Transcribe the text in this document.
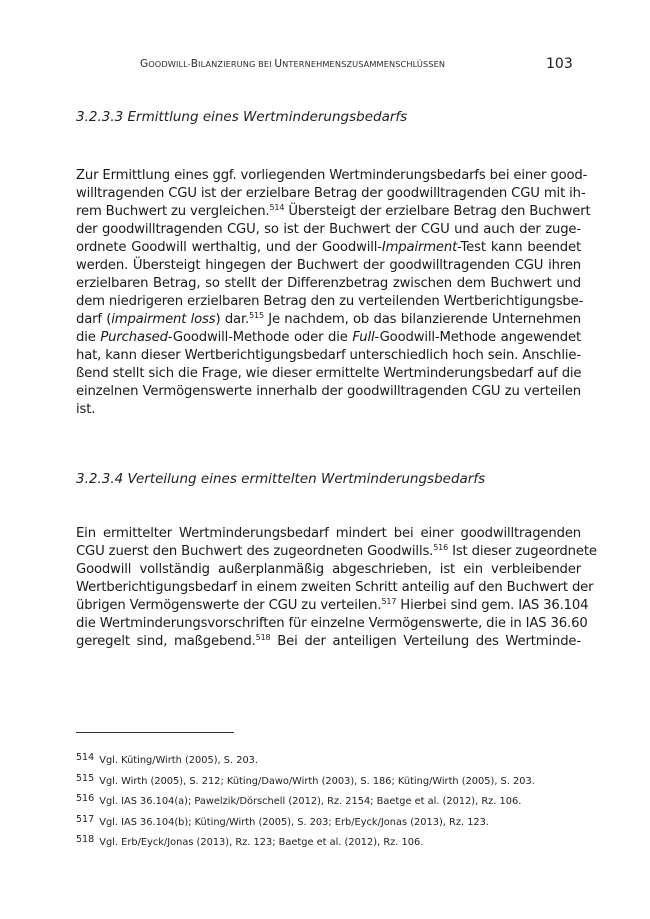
GOODWILL-BILANZIERUNG BEI UNTERNEHMENSZUSAMMENSCHLÜSSEN	103
3.2.3.3 Ermittlung eines Wertminderungsbedarfs
Zur Ermittlung eines ggf. vorliegenden Wertminderungsbedarfs bei einer good-
willtragenden CGU ist der erzielbare Betrag der goodwilltragenden CGU mit ih-
rem Buchwert zu vergleichen.$^{514}$ Übersteigt der erzielbare Betrag den Buchwert
der goodwilltragenden CGU, so ist der Buchwert der CGU und auch der zuge-
ordnete Goodwill werthaltig, und der Goodwill-Impairment-Test kann beendet
werden. Übersteigt hingegen der Buchwert der goodwilltragenden CGU ihren
erzielbaren Betrag, so stellt der Differenzbetrag zwischen dem Buchwert und
dem niedrigeren erzielbaren Betrag den zu verteilenden Wertberichtigungsbe-
darf (impairment loss) dar.$^{515}$ Je nachdem, ob das bilanzierende Unternehmen
die Purchased-Goodwill-Methode oder die Full-Goodwill-Methode angewendet
hat, kann dieser Wertberichtigungsbedarf unterschiedlich hoch sein. Anschlie-
ßend stellt sich die Frage, wie dieser ermittelte Wertminderungsbedarf auf die
einzelnen Vermögenswerte innerhalb der goodwilltragenden CGU zu verteilen
ist.
3.2.3.4 Verteilung eines ermittelten Wertminderungsbedarfs
Ein ermittelter Wertminderungsbedarf mindert bei einer goodwilltragenden
CGU zuerst den Buchwert des zugeordneten Goodwills.$^{516}$ Ist dieser zugeordnete
Goodwill vollständig außerplanmäßig abgeschrieben, ist ein verbleibender
Wertberichtigungsbedarf in einem zweiten Schritt anteilig auf den Buchwert der
übrigen Vermögenswerte der CGU zu verteilen.$^{517}$ Hierbei sind gem. IAS 36.104
die Wertminderungsvorschriften für einzelne Vermögenswerte, die in IAS 36.60
geregelt sind, maßgebend.$^{518}$ Bei der anteiligen Verteilung des Wertminde-
514 Vgl. Küting/Wirth (2005), S. 203.
515 Vgl. Wirth (2005), S. 212; Küting/Dawo/Wirth (2003), S. 186; Küting/Wirth (2005), S. 203.
516 Vgl. IAS 36.104(a); Pawelzik/Dörschell (2012), Rz. 2154; Baetge et al. (2012), Rz. 106.
517 Vgl. IAS 36.104(b); Küting/Wirth (2005), S. 203; Erb/Eyck/Jonas (2013), Rz. 123.
518 Vgl. Erb/Eyck/Jonas (2013), Rz. 123; Baetge et al. (2012), Rz. 106.
